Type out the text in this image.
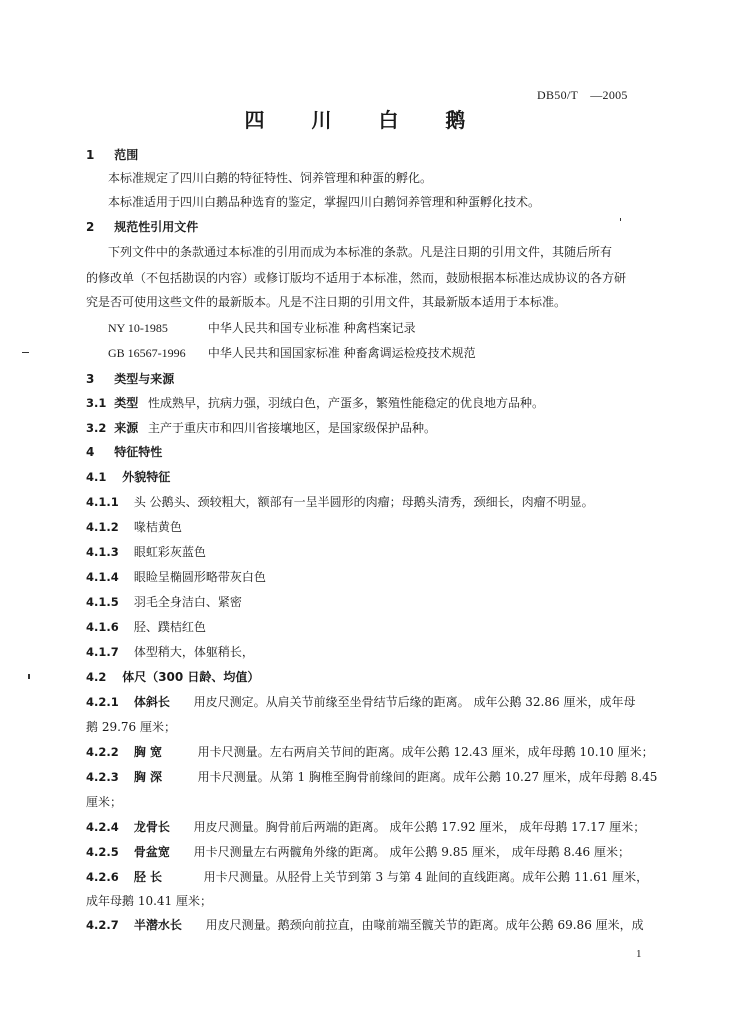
DB50/T　—2005
四 川 白 鹅
1 范围
本标准规定了四川白鹅的特征特性、饲养管理和种蛋的孵化。
本标准适用于四川白鹅品种选育的鉴定，掌握四川白鹅饲养管理和种蛋孵化技术。
2 规范性引用文件
下列文件中的条款通过本标准的引用而成为本标准的条款。凡是注日期的引用文件，其随后所有
的修改单（不包括勘误的内容）或修订版均不适用于本标准，然而，鼓励根据本标准达成协议的各方研
究是否可使用这些文件的最新版本。凡是不注日期的引用文件，其最新版本适用于本标准。
NY 10-1985	中华人民共和国专业标准 种禽档案记录
GB 16567-1996 中华人民共和国国家标准 种畜禽调运检疫技术规范
3 类型与来源
3.1 类型 性成熟早，抗病力强，羽绒白色，产蛋多，繁殖性能稳定的优良地方品种。
3.2 来源 主产于重庆市和四川省接壤地区，是国家级保护品种。
4 特征特性
4.1 外貌特征
4.1.1 头 公鹅头、颈较粗大，额部有一呈半圆形的肉瘤；母鹅头清秀，颈细长，肉瘤不明显。
4.1.2 喙桔黄色
4.1.3 眼虹彩灰蓝色
4.1.4 眼睑呈椭圆形略带灰白色
4.1.5 羽毛全身洁白、紧密
4.1.6 胫、蹼桔红色
4.1.7 体型稍大，体躯稍长，
4.2 体尺（300 日龄、均值）
4.2.1 体斜长 用皮尺测定。从肩关节前缘至坐骨结节后缘的距离。 成年公鹅 32.86 厘米，成年母
鹅 29.76 厘米；
4.2.2 胸 宽	用卡尺测量。左右两肩关节间的距离。成年公鹅 12.43 厘米，成年母鹅 10.10 厘米；
4.2.3 胸 深	用卡尺测量。从第 1 胸椎至胸骨前缘间的距离。成年公鹅 10.27 厘米，成年母鹅 8.45
厘米；
4.2.4 龙骨长 用皮尺测量。胸骨前后两端的距离。 成年公鹅 17.92 厘米， 成年母鹅 17.17 厘米；
4.2.5 骨盆宽 用卡尺测量左右两髋角外缘的距离。 成年公鹅 9.85 厘米， 成年母鹅 8.46 厘米；
4.2.6 胫 长	用卡尺测量。从胫骨上关节到第 3 与第 4 趾间的直线距离。成年公鹅 11.61 厘米，
成年母鹅 10.41 厘米；
4.2.7 半潜水长 用皮尺测量。鹅颈向前拉直，由喙前端至髋关节的距离。成年公鹅 69.86 厘米，成
1
